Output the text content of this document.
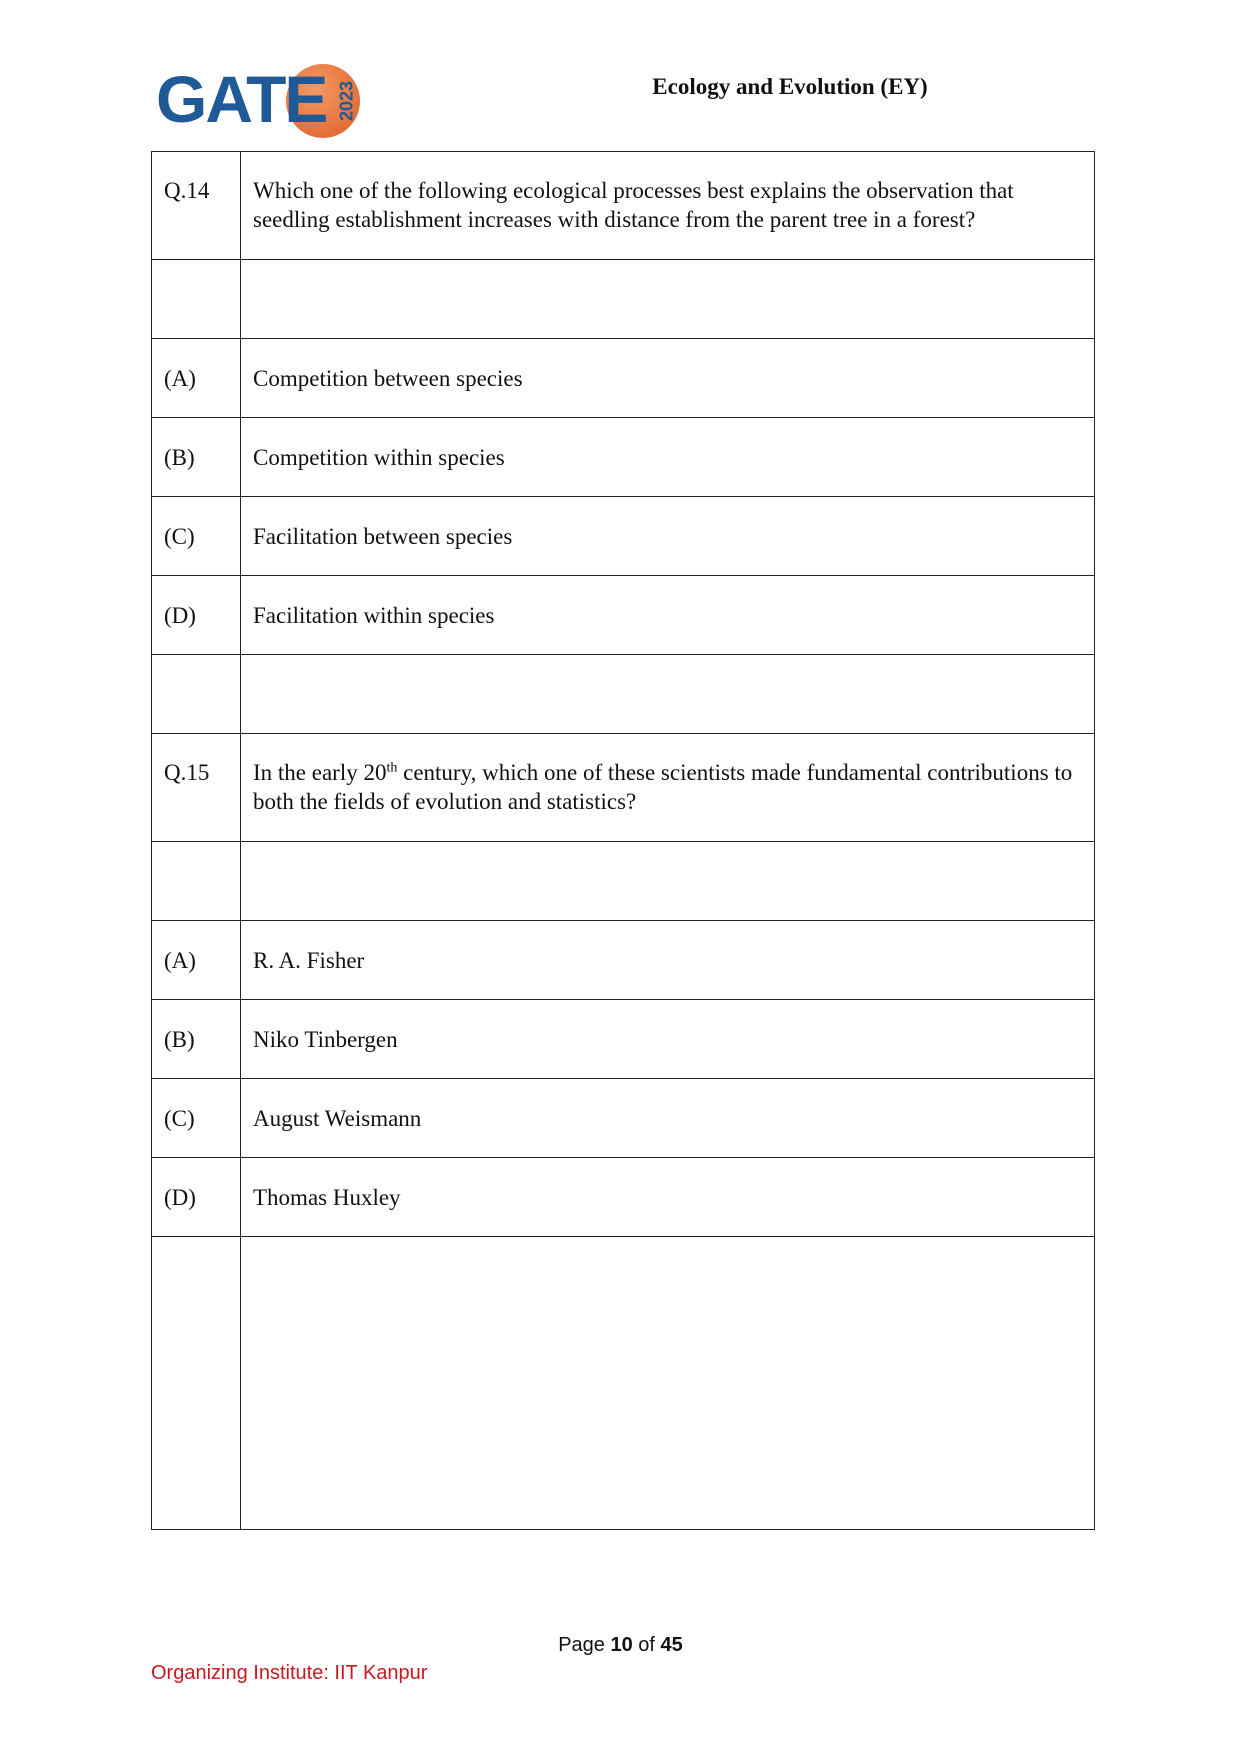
GATE 2023	Ecology and Evolution (EY)
Q.14	Which one of the following ecological processes best explains the observation that seedling establishment increases with distance from the parent tree in a forest?

(A)	Competition between species
(B)	Competition within species
(C)	Facilitation between species
(D)	Facilitation within species

Q.15	In the early 20th century, which one of these scientists made fundamental contributions to both the fields of evolution and statistics?

(A)	R. A. Fisher
(B)	Niko Tinbergen
(C)	August Weismann
(D)	Thomas Huxley

Page 10 of 45
Organizing Institute: IIT Kanpur
